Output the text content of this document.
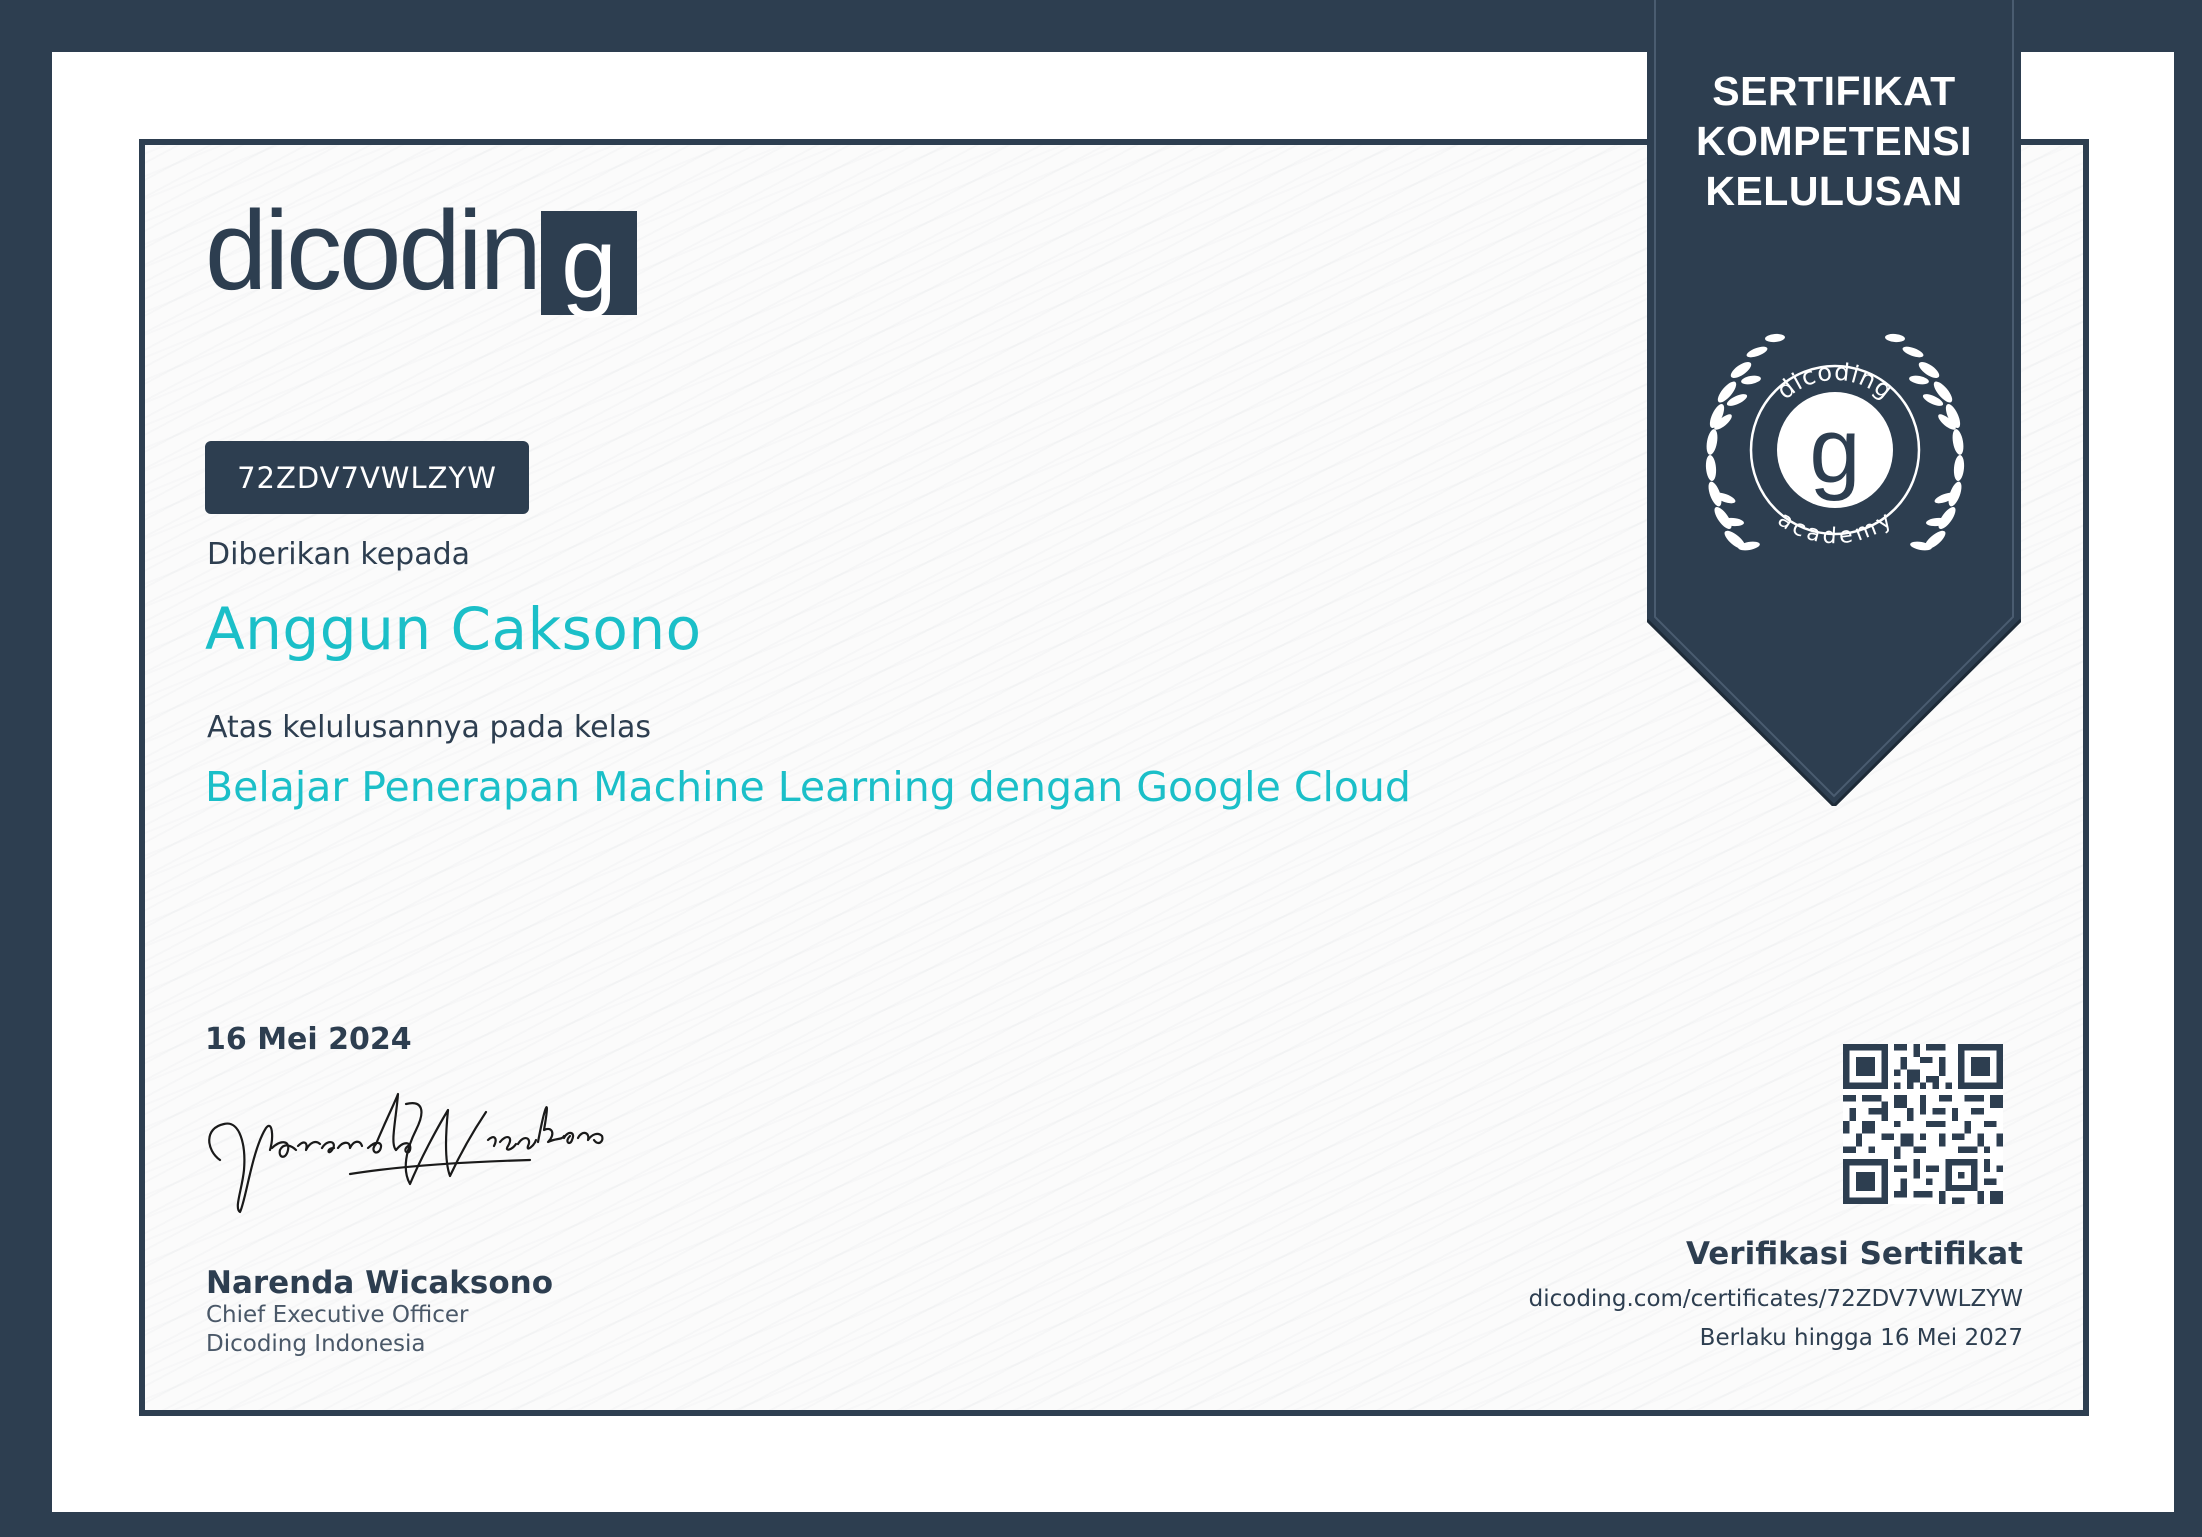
dicodin g
72ZDV7VWLZYW
Diberikan kepada
Anggun Caksono
Atas kelulusannya pada kelas
Belajar Penerapan Machine Learning dengan Google Cloud
16 Mei 2024
Narenda Wicaksono
Chief Executive Officer
Dicoding Indonesia
SERTIFIKAT
KOMPETENSI
KELULUSAN
g
dicoding
academy
Verifikasi Sertifikat
dicoding.com/certificates/72ZDV7VWLZYW
Berlaku hingga 16 Mei 2027
